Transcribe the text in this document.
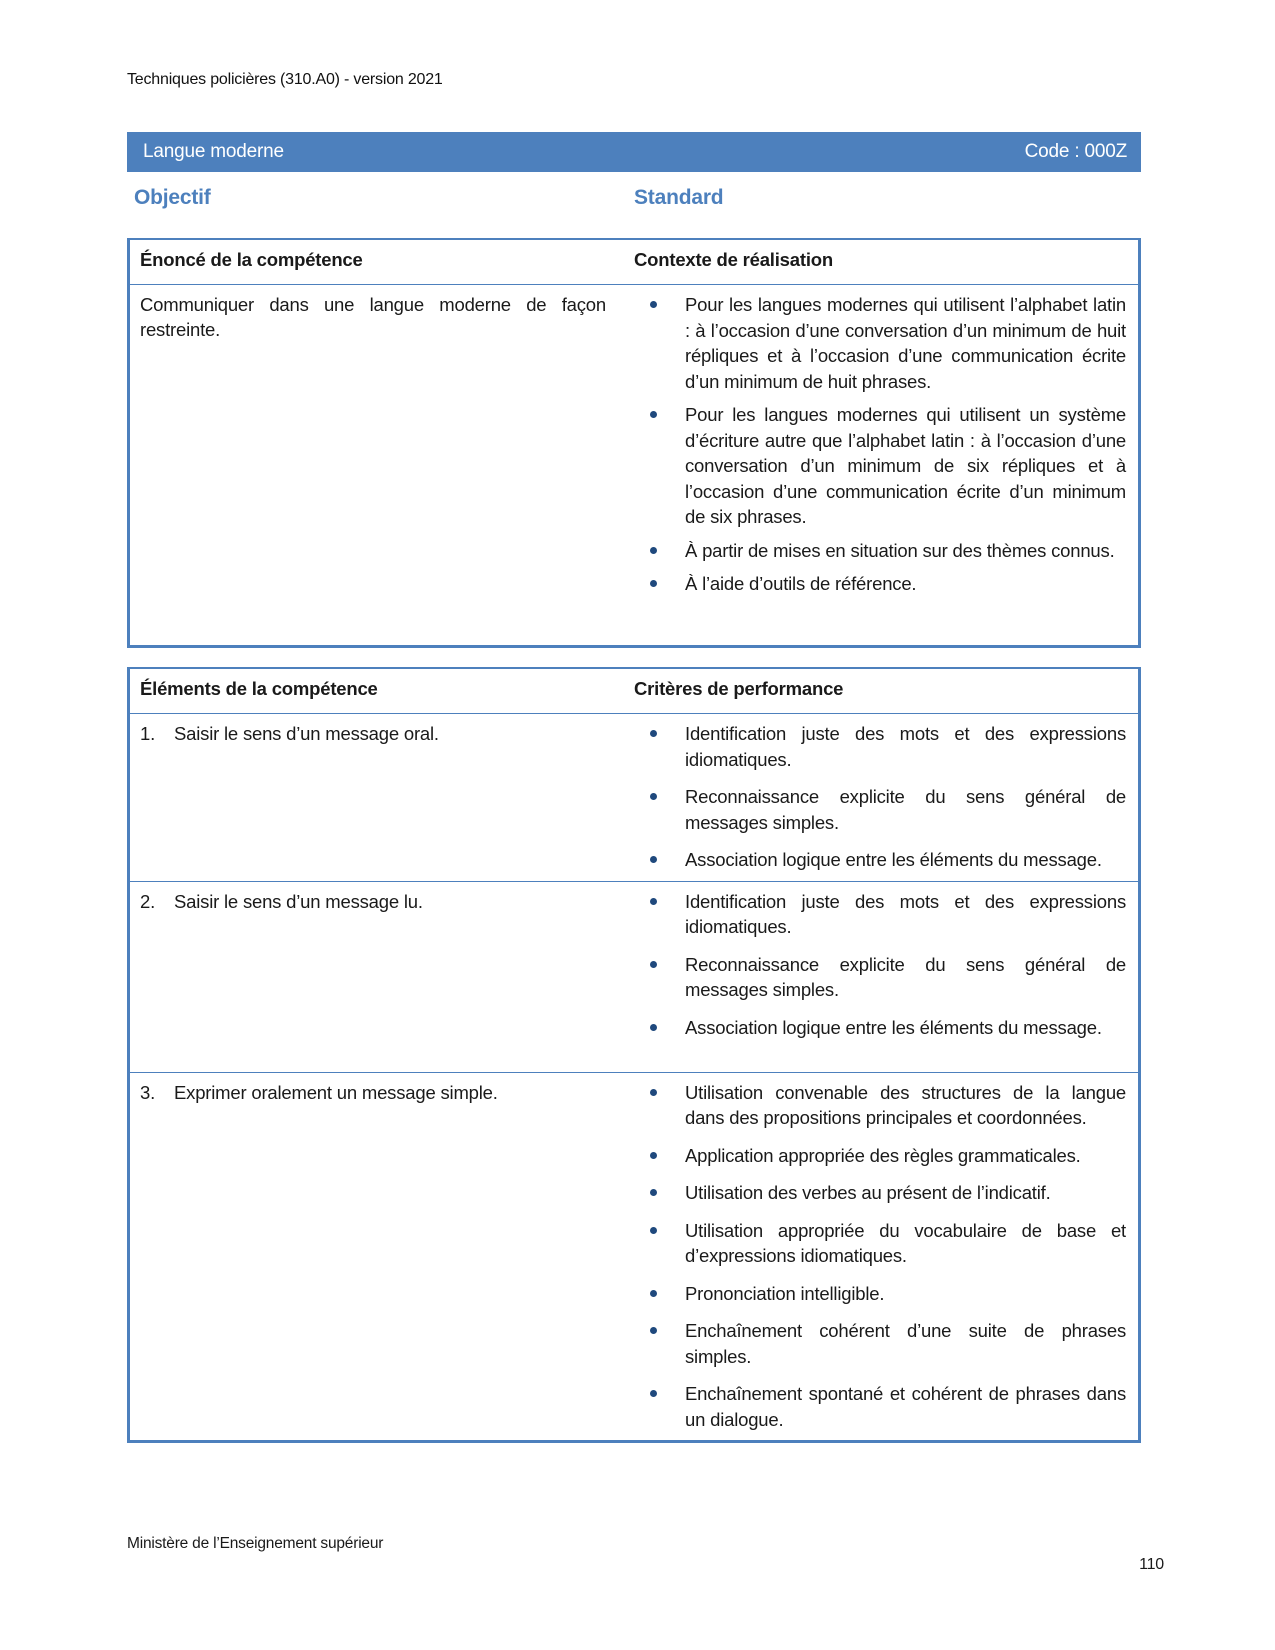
Techniques policières (310.A0) - version 2021
Langue moderne	Code : 000Z
Objectif	Standard
Énoncé de la compétence	Contexte de réalisation
Communiquer dans une langue moderne de façon restreinte.
Pour les langues modernes qui utilisent l’alphabet latin : à l’occasion d’une conversation d’un minimum de huit répliques et à l’occasion d’une communication écrite d’un minimum de huit phrases.
Pour les langues modernes qui utilisent un système d’écriture autre que l’alphabet latin : à l’occasion d’une conversation d’un minimum de six répliques et à l’occasion d’une communication écrite d’un minimum de six phrases.
À partir de mises en situation sur des thèmes connus.
À l’aide d’outils de référence.
Éléments de la compétence	Critères de performance
1.	Saisir le sens d’un message oral.	Identification juste des mots et des expressions idiomatiques.
Reconnaissance explicite du sens général de messages simples.
Association logique entre les éléments du message.
2.	Saisir le sens d’un message lu.	Identification juste des mots et des expressions idiomatiques.
Reconnaissance explicite du sens général de messages simples.
Association logique entre les éléments du message.
3.	Exprimer oralement un message simple.	Utilisation convenable des structures de la langue dans des propositions principales et coordonnées.
Application appropriée des règles grammaticales.
Utilisation des verbes au présent de l’indicatif.
Utilisation appropriée du vocabulaire de base et d’expressions idiomatiques.
Prononciation intelligible.
Enchaînement cohérent d’une suite de phrases simples.
Enchaînement spontané et cohérent de phrases dans un dialogue.
Ministère de l’Enseignement supérieur
110
